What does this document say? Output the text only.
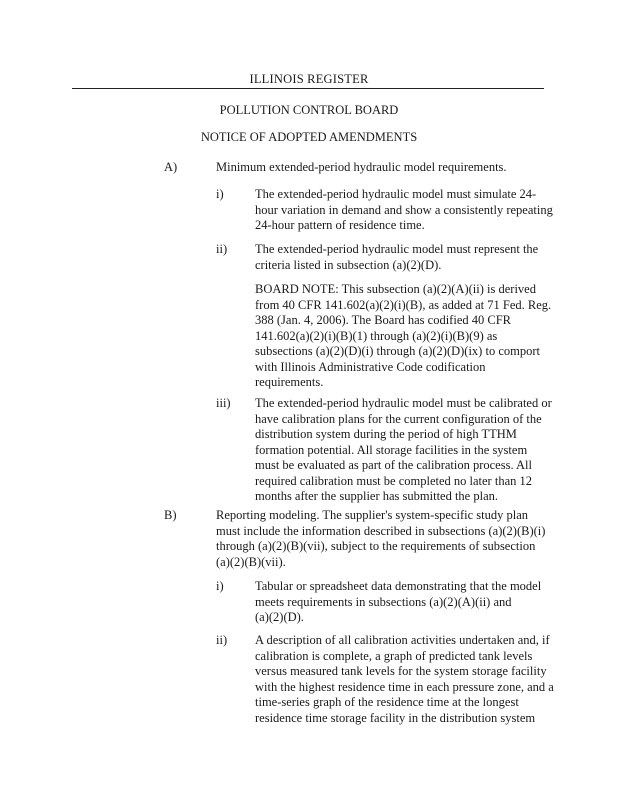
ILLINOIS REGISTER
POLLUTION CONTROL BOARD
NOTICE OF ADOPTED AMENDMENTS
A)	Minimum extended-period hydraulic model requirements.
i)	The extended-period hydraulic model must simulate 24-
hour variation in demand and show a consistently repeating
24-hour pattern of residence time.
ii) The extended-period hydraulic model must represent the
criteria listed in subsection (a)(2)(D).
BOARD NOTE: This subsection (a)(2)(A)(ii) is derived
from 40 CFR 141.602(a)(2)(i)(B), as added at 71 Fed. Reg.
388 (Jan. 4, 2006). The Board has codified 40 CFR
141.602(a)(2)(i)(B)(1) through (a)(2)(i)(B)(9) as
subsections (a)(2)(D)(i) through (a)(2)(D)(ix) to comport
with Illinois Administrative Code codification
requirements.
iii) The extended-period hydraulic model must be calibrated or
have calibration plans for the current configuration of the
distribution system during the period of high TTHM
formation potential. All storage facilities in the system
must be evaluated as part of the calibration process. All
required calibration must be completed no later than 12
months after the supplier has submitted the plan.
B)	Reporting modeling. The supplier's system-specific study plan
must include the information described in subsections (a)(2)(B)(i)
through (a)(2)(B)(vii), subject to the requirements of subsection
(a)(2)(B)(vii).
i)	Tabular or spreadsheet data demonstrating that the model
meets requirements in subsections (a)(2)(A)(ii) and
(a)(2)(D).
ii) A description of all calibration activities undertaken and, if
calibration is complete, a graph of predicted tank levels
versus measured tank levels for the system storage facility
with the highest residence time in each pressure zone, and a
time-series graph of the residence time at the longest
residence time storage facility in the distribution system
